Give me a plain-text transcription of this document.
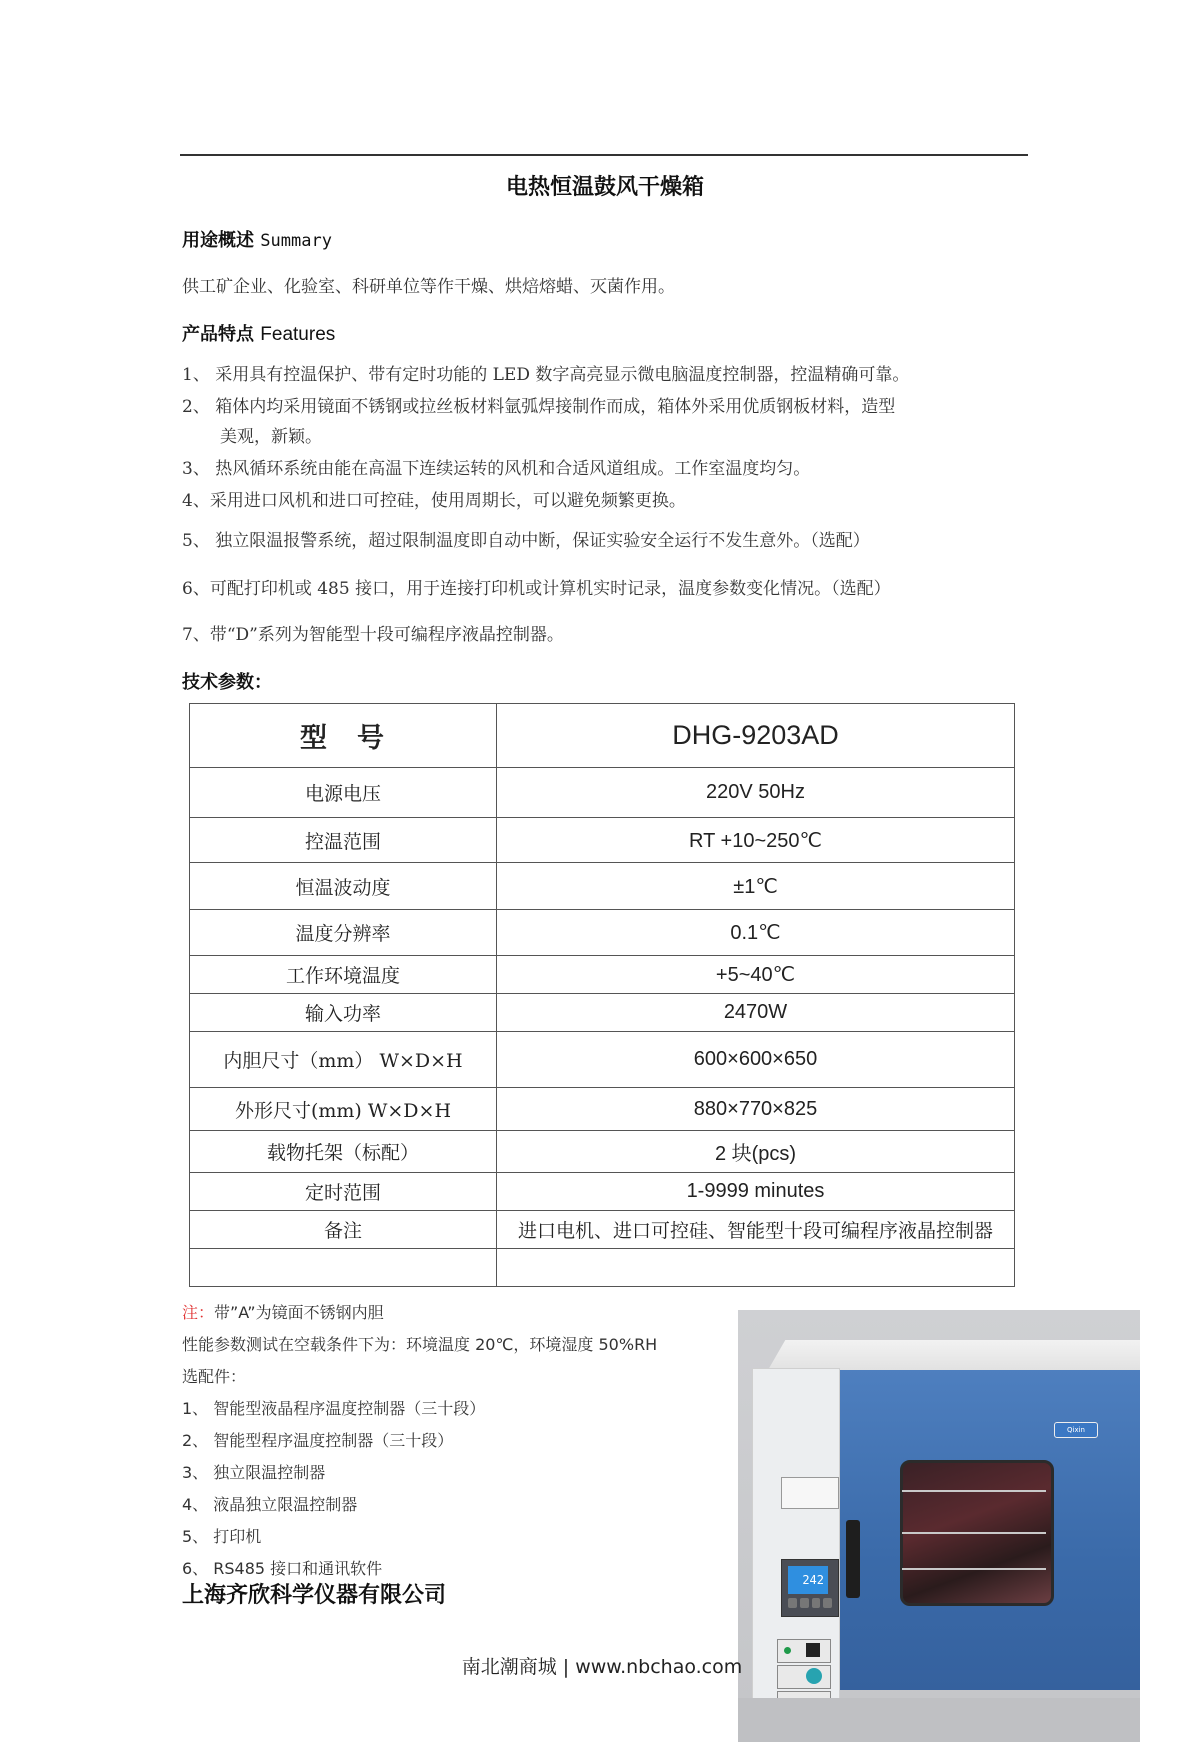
电热恒温鼓风干燥箱
用途概述 Summary
供工矿企业、化验室、科研单位等作干燥、烘焙熔蜡、灭菌作用。
产品特点 Features
1、 采用具有控温保护、带有定时功能的 LED 数字高亮显示微电脑温度控制器，控温精确可靠。
2、 箱体内均采用镜面不锈钢或拉丝板材料氩弧焊接制作而成，箱体外采用优质钢板材料，造型
美观，新颖。
3、 热风循环系统由能在高温下连续运转的风机和合适风道组成。工作室温度均匀。
4、采用进口风机和进口可控硅，使用周期长，可以避免频繁更换。
5、 独立限温报警系统，超过限制温度即自动中断，保证实验安全运行不发生意外。（选配）
6、可配打印机或 485 接口，用于连接打印机或计算机实时记录，温度参数变化情况。（选配）
7、带“D”系列为智能型十段可编程序液晶控制器。
技术参数：
型号	DHG-9203AD
电源电压	220V 50Hz
控温范围	RT +10~250℃
恒温波动度	±1℃
温度分辨率	0.1℃
工作环境温度	+5~40℃
输入功率	2470W
内胆尺寸（mm） W×D×H	600×600×650
外形尺寸(mm) W×D×H	880×770×825
载物托架（标配）	2 块(pcs)
定时范围	1-9999 minutes
备注	进口电机、进口可控硅、智能型十段可编程序液晶控制器

注：带”A”为镜面不锈钢内胆
性能参数测试在空载条件下为：环境温度 20℃，环境湿度 50%RH
选配件：
1、 智能型液晶程序温度控制器（三十段）
2、 智能型程序温度控制器（三十段）
3、 独立限温控制器
4、 液晶独立限温控制器
5、 打印机
6、 RS485 接口和通讯软件
上海齐欣科学仪器有限公司
242
Qixin
南北潮商城 | www.nbchao.com
